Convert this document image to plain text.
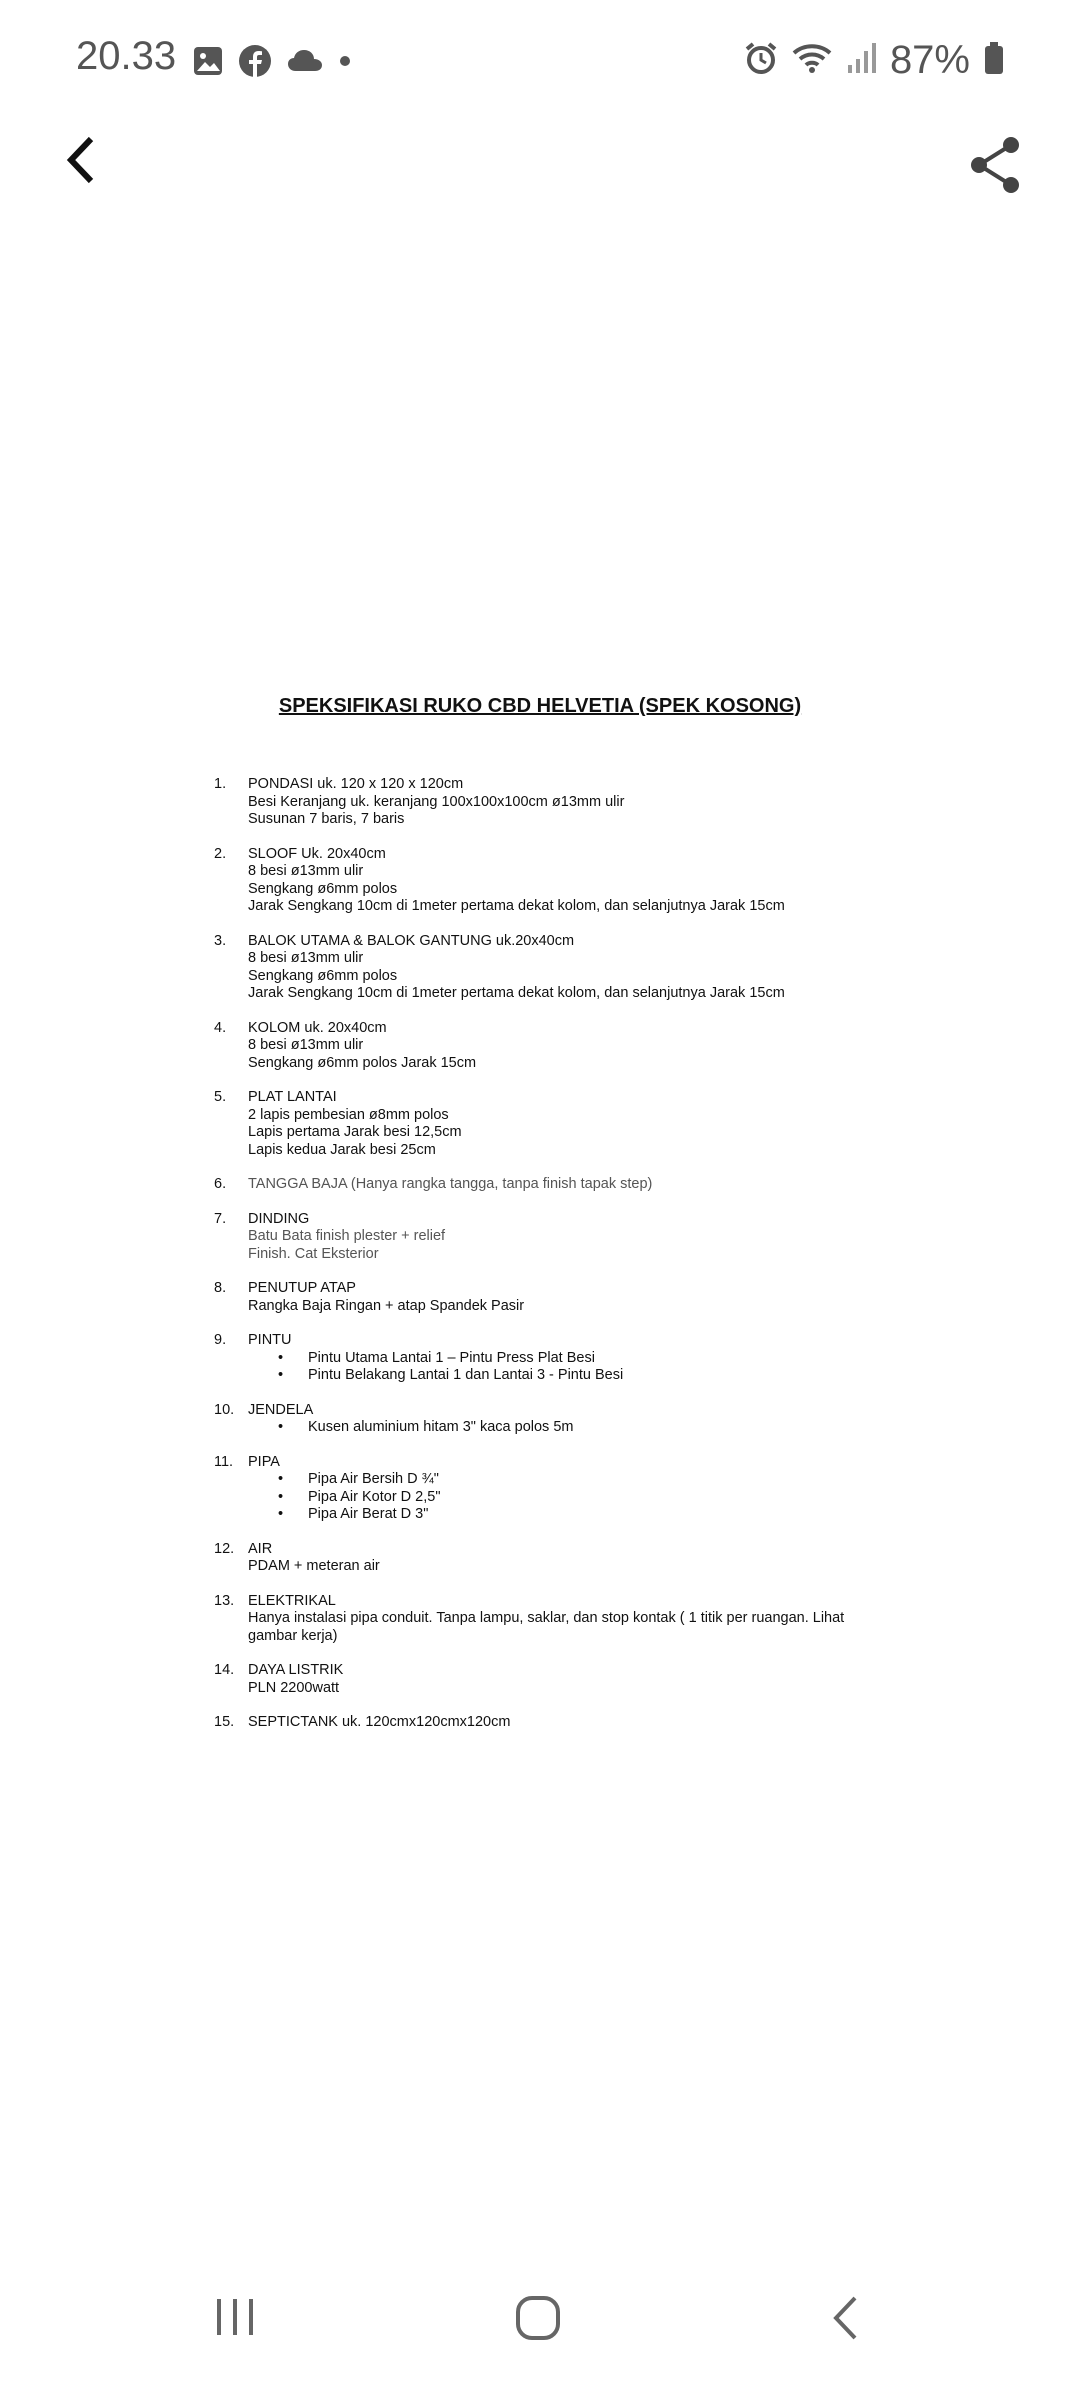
20.33	87%
SPEKSIFIKASI RUKO CBD HELVETIA (SPEK KOSONG)
1.	PONDASI uk. 120 x 120 x 120cm
Besi Keranjang uk. keranjang 100x100x100cm ø13mm ulir
Susunan 7 baris, 7 baris
2.	SLOOF Uk. 20x40cm
8 besi ø13mm ulir
Sengkang ø6mm polos
Jarak Sengkang 10cm di 1meter pertama dekat kolom, dan selanjutnya Jarak 15cm
3.	BALOK UTAMA & BALOK GANTUNG uk.20x40cm
8 besi ø13mm ulir
Sengkang ø6mm polos
Jarak Sengkang 10cm di 1meter pertama dekat kolom, dan selanjutnya Jarak 15cm
4.	KOLOM uk. 20x40cm
8 besi ø13mm ulir
Sengkang ø6mm polos Jarak 15cm
5.	PLAT LANTAI
2 lapis pembesian ø8mm polos
Lapis pertama Jarak besi 12,5cm
Lapis kedua Jarak besi 25cm
6.	TANGGA BAJA (Hanya rangka tangga, tanpa finish tapak step)
7.	DINDING
Batu Bata finish plester + relief
Finish. Cat Eksterior
8.	PENUTUP ATAP
Rangka Baja Ringan + atap Spandek Pasir
9.	PINTU
• Pintu Utama Lantai 1 – Pintu Press Plat Besi
• Pintu Belakang Lantai 1 dan Lantai 3 - Pintu Besi
10. JENDELA
• Kusen aluminium hitam 3" kaca polos 5m
11.	PIPA
• Pipa Air Bersih D ¾"
• Pipa Air Kotor D 2,5"
• Pipa Air Berat D 3"
12. AIR
PDAM + meteran air
13. ELEKTRIKAL
Hanya instalasi pipa conduit. Tanpa lampu, saklar, dan stop kontak ( 1 titik per ruangan. Lihat
gambar kerja)
14. DAYA LISTRIK
PLN 2200watt
15. SEPTICTANK uk. 120cmx120cmx120cm
